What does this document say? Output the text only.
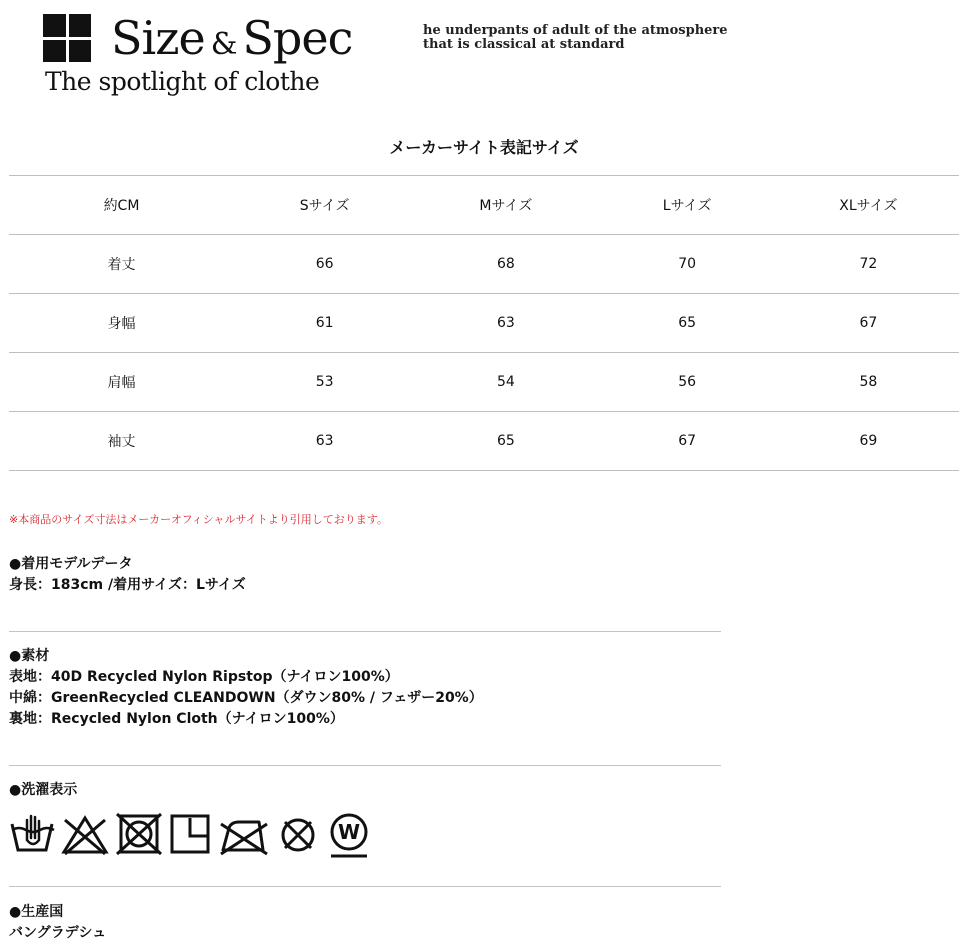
Size & Spec
The spotlight of clothe
he underpants of adult of the atmosphere
that is classical at standard
メーカーサイト表記サイズ
約CM	Sサイズ	Mサイズ	Lサイズ	XLサイズ
着丈	66	68	70	72
身幅	61	63	65	67
肩幅	53	54	56	58
袖丈	63	65	67	69
※本商品のサイズ寸法はメーカーオフィシャルサイトより引用しております。
●着用モデルデータ
身長：183cm /着用サイズ：Lサイズ
●素材
表地：40D Recycled Nylon Ripstop（ナイロン100%）
中綿：GreenRecycled CLEANDOWN（ダウン80% / フェザー20%）
裏地：Recycled Nylon Cloth（ナイロン100%）
●洗濯表示
W
●生産国
バングラデシュ
